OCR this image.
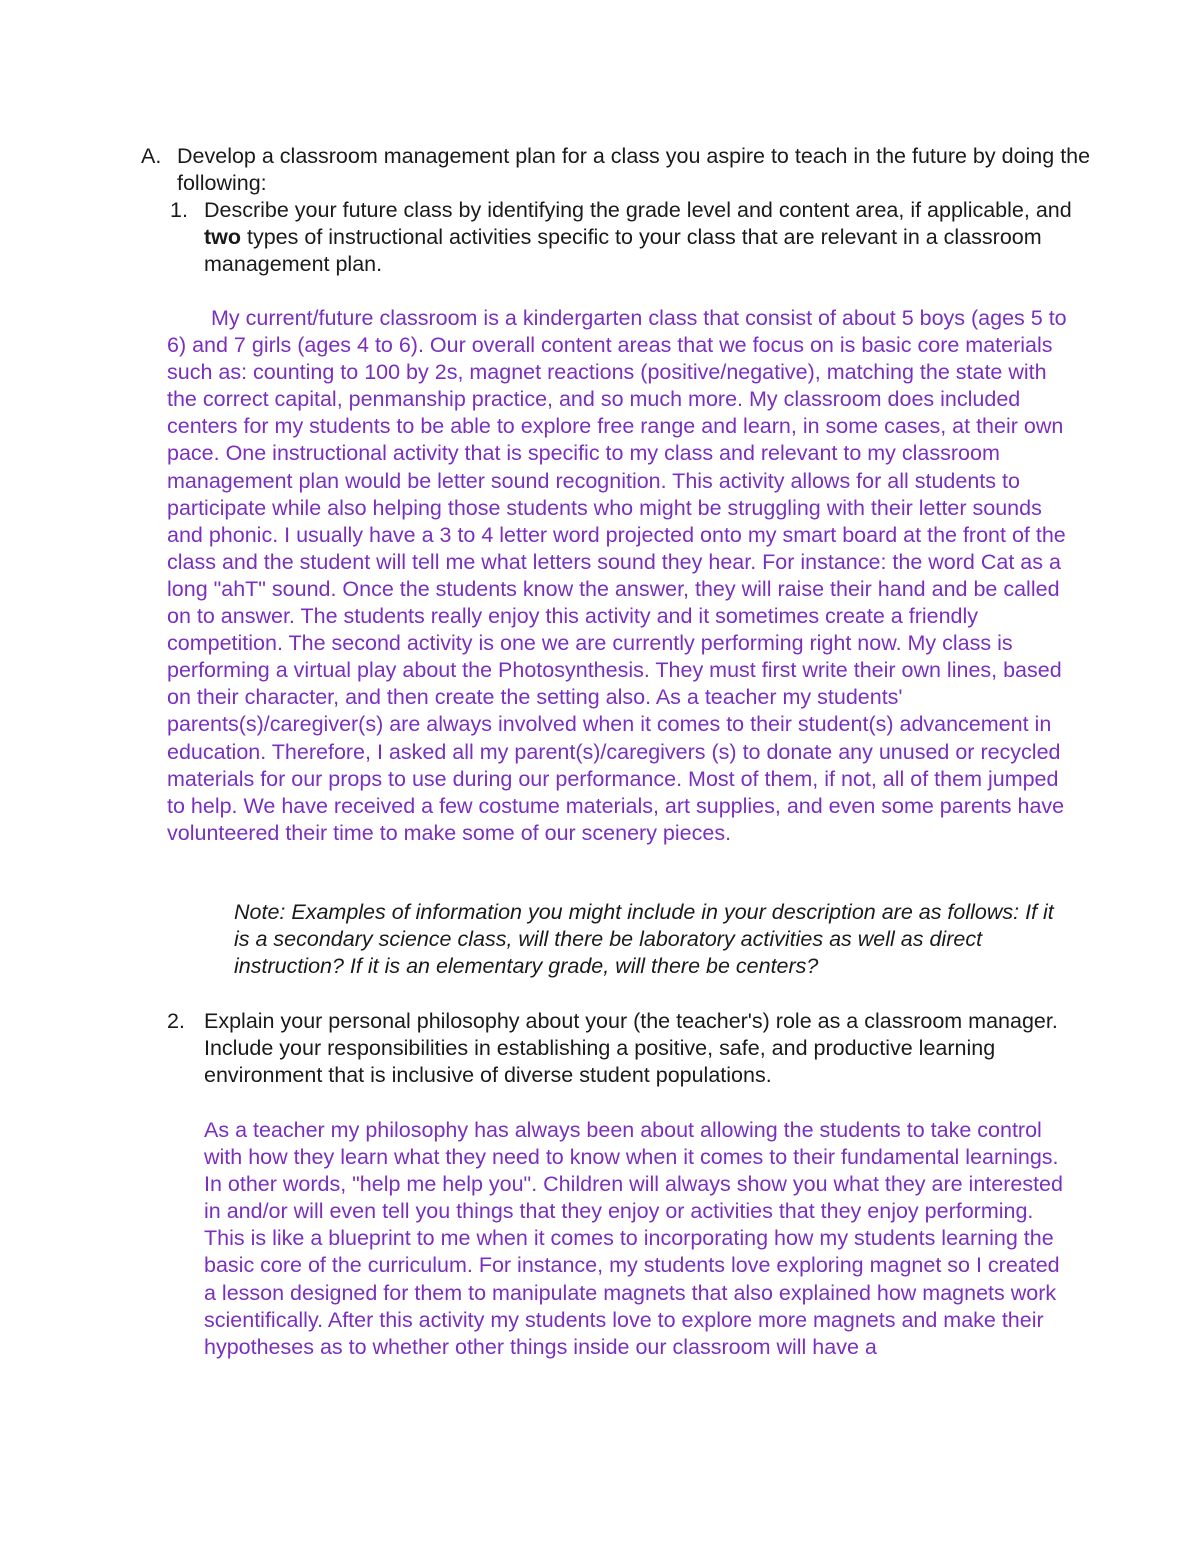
A. Develop a classroom management plan for a class you aspire to teach in the future by doing the following:
1. Describe your future class by identifying the grade level and content area, if applicable, and two types of instructional activities specific to your class that are relevant in a classroom management plan.
My current/future classroom is a kindergarten class that consist of about 5 boys (ages 5 to 6) and 7 girls (ages 4 to 6). Our overall content areas that we focus on is basic core materials such as: counting to 100 by 2s, magnet reactions (positive/negative), matching the state with the correct capital, penmanship practice, and so much more. My classroom does included centers for my students to be able to explore free range and learn, in some cases, at their own pace. One instructional activity that is specific to my class and relevant to my classroom management plan would be letter sound recognition. This activity allows for all students to participate while also helping those students who might be struggling with their letter sounds and phonic. I usually have a 3 to 4 letter word projected onto my smart board at the front of the class and the student will tell me what letters sound they hear. For instance: the word Cat as a long "ahT" sound. Once the students know the answer, they will raise their hand and be called on to answer. The students really enjoy this activity and it sometimes create a friendly competition. The second activity is one we are currently performing right now. My class is performing a virtual play about the Photosynthesis. They must first write their own lines, based on their character, and then create the setting also. As a teacher my students' parents(s)/caregiver(s) are always involved when it comes to their student(s) advancement in education. Therefore, I asked all my parent(s)/caregivers (s) to donate any unused or recycled materials for our props to use during our performance. Most of them, if not, all of them jumped to help. We have received a few costume materials, art supplies, and even some parents have volunteered their time to make some of our scenery pieces.
Note: Examples of information you might include in your description are as follows: If it is a secondary science class, will there be laboratory activities as well as direct instruction? If it is an elementary grade, will there be centers?
2. Explain your personal philosophy about your (the teacher's) role as a classroom manager. Include your responsibilities in establishing a positive, safe, and productive learning environment that is inclusive of diverse student populations.
As a teacher my philosophy has always been about allowing the students to take control with how they learn what they need to know when it comes to their fundamental learnings. In other words, "help me help you". Children will always show you what they are interested in and/or will even tell you things that they enjoy or activities that they enjoy performing. This is like a blueprint to me when it comes to incorporating how my students learning the basic core of the curriculum. For instance, my students love exploring magnet so I created a lesson designed for them to manipulate magnets that also explained how magnets work scientifically. After this activity my students love to explore more magnets and make their hypotheses as to whether other things inside our classroom will have a
